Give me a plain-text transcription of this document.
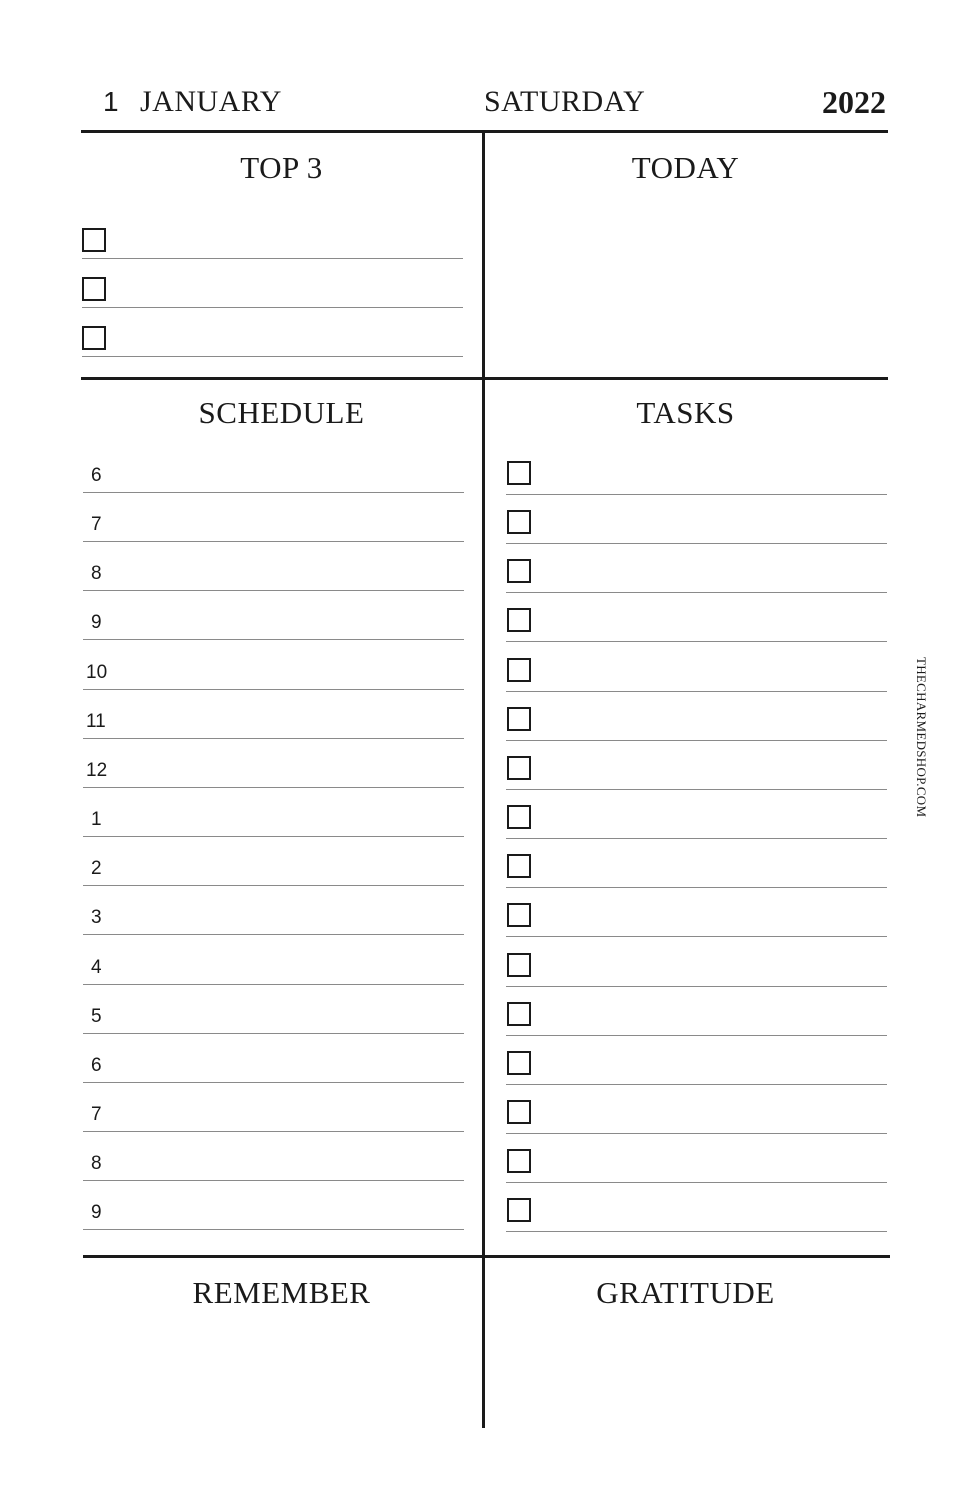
1 JANUARY	SATURDAY	2022
TOP 3	TODAY
SCHEDULE	TASKS
REMEMBER	GRATITUDE
6
7
8
9
10
11
12
1
2
3
4
5
6
7
8
9
THECHARMEDSHOP.COM
